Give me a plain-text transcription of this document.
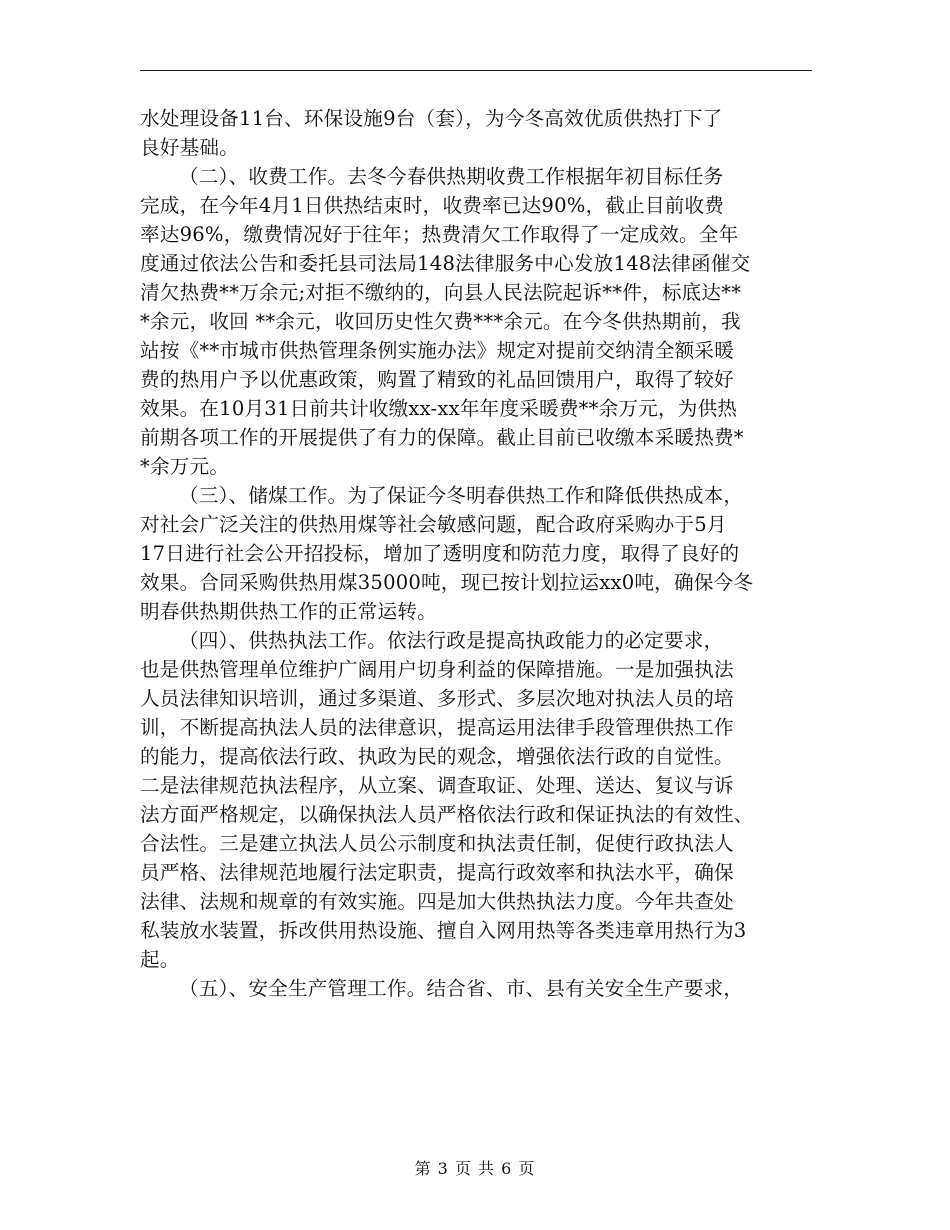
水处理设备11台、环保设施9台（套），为今冬高效优质供热打下了
良好基础。
（二）、收费工作。去冬今春供热期收费工作根据年初目标任务
完成，在今年4月1日供热结束时，收费率已达90%，截止目前收费
率达96%，缴费情况好于往年；热费清欠工作取得了一定成效。全年
度通过依法公告和委托县司法局148法律服务中心发放148法律函催交
清欠热费**万余元;对拒不缴纳的，向县人民法院起诉**件，标底达**
*余元，收回 **余元，收回历史性欠费***余元。在今冬供热期前，我
站按《**市城市供热管理条例实施办法》规定对提前交纳清全额采暖
费的热用户予以优惠政策，购置了精致的礼品回馈用户，取得了较好
效果。在10月31日前共计收缴xx-xx年年度采暖费**余万元，为供热
前期各项工作的开展提供了有力的保障。截止目前已收缴本采暖热费*
*余万元。
（三）、储煤工作。为了保证今冬明春供热工作和降低供热成本，
对社会广泛关注的供热用煤等社会敏感问题，配合政府采购办于5月
17日进行社会公开招投标，增加了透明度和防范力度，取得了良好的
效果。合同采购供热用煤35000吨，现已按计划拉运xx0吨，确保今冬
明春供热期供热工作的正常运转。
（四）、供热执法工作。依法行政是提高执政能力的必定要求，
也是供热管理单位维护广阔用户切身利益的保障措施。一是加强执法
人员法律知识培训，通过多渠道、多形式、多层次地对执法人员的培
训，不断提高执法人员的法律意识，提高运用法律手段管理供热工作
的能力，提高依法行政、执政为民的观念，增强依法行政的自觉性。
二是法律规范执法程序，从立案、调查取证、处理、送达、复议与诉
法方面严格规定，以确保执法人员严格依法行政和保证执法的有效性、
合法性。三是建立执法人员公示制度和执法责任制，促使行政执法人
员严格、法律规范地履行法定职责，提高行政效率和执法水平，确保
法律、法规和规章的有效实施。四是加大供热执法力度。今年共查处
私装放水装置，拆改供用热设施、擅自入网用热等各类违章用热行为3
起。
（五）、安全生产管理工作。结合省、市、县有关安全生产要求，
第 3 页 共 6 页
